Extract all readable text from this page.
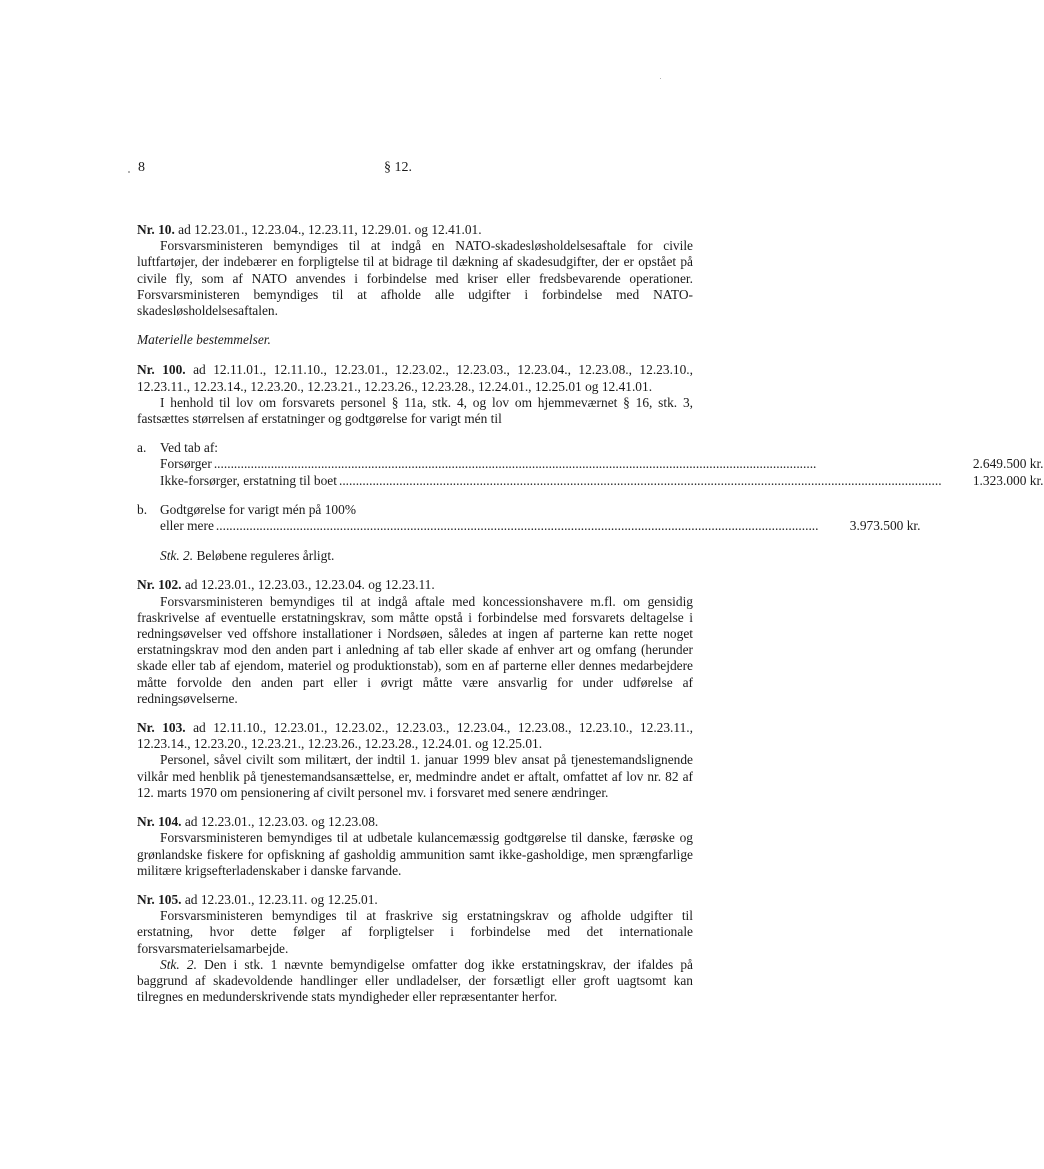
8	§ 12.

Nr. 10. ad 12.23.01., 12.23.04., 12.23.11, 12.29.01. og 12.41.01.

Forsvarsministeren bemyndiges til at indgå en NATO-skadesløsholdelsesaftale for civile luftfartøjer, der indebærer en forpligtelse til at bidrage til dækning af skadesudgifter, der er opstået på civile fly, som af NATO anvendes i forbindelse med kriser eller fredsbevarende operationer. Forsvarsministeren bemyndiges til at afholde alle udgifter i forbindelse med NATO-skadesløsholdelsesaftalen.

Materielle bestemmelser.

Nr. 100. ad 12.11.01., 12.11.10., 12.23.01., 12.23.02., 12.23.03., 12.23.04., 12.23.08., 12.23.10., 12.23.11., 12.23.14., 12.23.20., 12.23.21., 12.23.26., 12.23.28., 12.24.01., 12.25.01 og 12.41.01.

I henhold til lov om forsvarets personel § 11a, stk. 4, og lov om hjemmeværnet § 16, stk. 3, fastsættes størrelsen af erstatninger og godtgørelse for varigt mén til

a.	Ved tab af:
Forsørger .....	2.649.500 kr.
Ikke-forsørger, erstatning til boet .....	1.323.000 kr.
b. Godtgørelse for varigt mén på 100%
eller mere .....	3.973.500 kr.

Stk. 2. Beløbene reguleres årligt.

Nr. 102. ad 12.23.01., 12.23.03., 12.23.04. og 12.23.11.

Forsvarsministeren bemyndiges til at indgå aftale med koncessionshavere m.fl. om gensidig fraskrivelse af eventuelle erstatningskrav, som måtte opstå i forbindelse med forsvarets deltagelse i redningsøvelser ved offshore installationer i Nordsøen, således at ingen af parterne kan rette noget erstatningskrav mod den anden part i anledning af tab eller skade af enhver art og omfang (herunder skade eller tab af ejendom, materiel og produktionstab), som en af parterne eller dennes medarbejdere måtte forvolde den anden part eller i øvrigt måtte være ansvarlig for under udførelse af redningsøvelserne.

Nr. 103. ad 12.11.10., 12.23.01., 12.23.02., 12.23.03., 12.23.04., 12.23.08., 12.23.10., 12.23.11., 12.23.14., 12.23.20., 12.23.21., 12.23.26., 12.23.28., 12.24.01. og 12.25.01.

Personel, såvel civilt som militært, der indtil 1. januar 1999 blev ansat på tjenestemandslignende vilkår med henblik på tjenestemandsansættelse, er, medmindre andet er aftalt, omfattet af lov nr. 82 af 12. marts 1970 om pensionering af civilt personel mv. i forsvaret med senere ændringer.

Nr. 104. ad 12.23.01., 12.23.03. og 12.23.08.

Forsvarsministeren bemyndiges til at udbetale kulancemæssig godtgørelse til danske, færøske og grønlandske fiskere for opfiskning af gasholdig ammunition samt ikke-gasholdige, men sprængfarlige militære krigsefterladenskaber i danske farvande.

Nr. 105. ad 12.23.01., 12.23.11. og 12.25.01.

Forsvarsministeren bemyndiges til at fraskrive sig erstatningskrav og afholde udgifter til erstatning, hvor dette følger af forpligtelser i forbindelse med det internationale forsvarsmaterielsamarbejde.

Stk. 2. Den i stk. 1 nævnte bemyndigelse omfatter dog ikke erstatningskrav, der ifaldes på baggrund af skadevoldende handlinger eller undladelser, der forsætligt eller groft uagtsomt kan tilregnes en medunderskrivende stats myndigheder eller repræsentanter herfor.
